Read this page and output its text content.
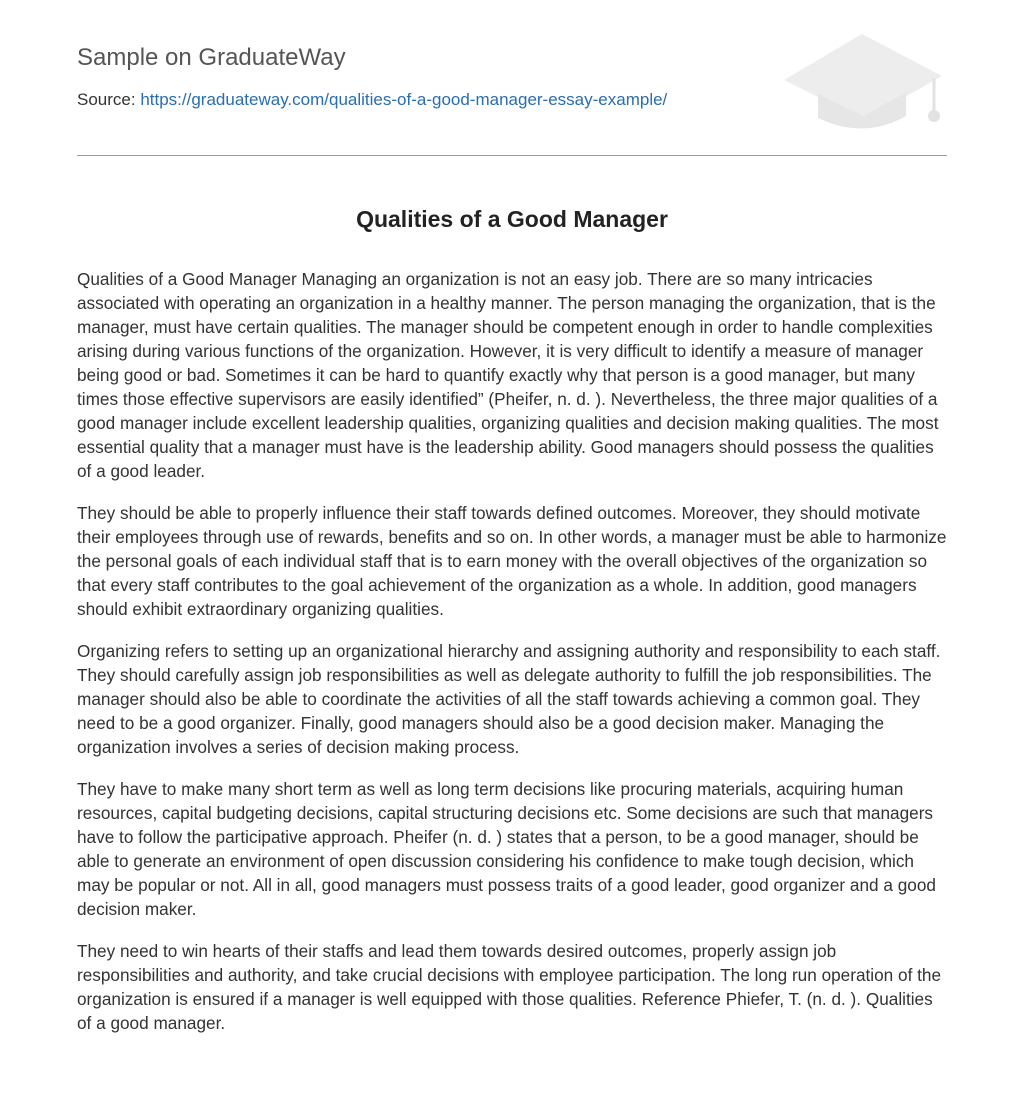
Sample on GraduateWay
Source: https://graduateway.com/qualities-of-a-good-manager-essay-example/
Qualities of a Good Manager

Qualities of a Good Manager Managing an organization is not an easy job. There are so many intricacies associated with operating an organization in a healthy manner. The person managing the organization, that is the manager, must have certain qualities. The manager should be competent enough in order to handle complexities arising during various functions of the organization. However, it is very difficult to identify a measure of manager being good or bad. Sometimes it can be hard to quantify exactly why that person is a good manager, but many times those effective supervisors are easily identified” (Pheifer, n. d. ). Nevertheless, the three major qualities of a good manager include excellent leadership qualities, organizing qualities and decision making qualities. The most essential quality that a manager must have is the leadership ability. Good managers should possess the qualities of a good leader.

They should be able to properly influence their staff towards defined outcomes. Moreover, they should motivate their employees through use of rewards, benefits and so on. In other words, a manager must be able to harmonize the personal goals of each individual staff that is to earn money with the overall objectives of the organization so that every staff contributes to the goal achievement of the organization as a whole. In addition, good managers should exhibit extraordinary organizing qualities.

Organizing refers to setting up an organizational hierarchy and assigning authority and responsibility to each staff. They should carefully assign job responsibilities as well as delegate authority to fulfill the job responsibilities. The manager should also be able to coordinate the activities of all the staff towards achieving a common goal. They need to be a good organizer. Finally, good managers should also be a good decision maker. Managing the organization involves a series of decision making process.

They have to make many short term as well as long term decisions like procuring materials, acquiring human resources, capital budgeting decisions, capital structuring decisions etc. Some decisions are such that managers have to follow the participative approach. Pheifer (n. d. ) states that a person, to be a good manager, should be able to generate an environment of open discussion considering his confidence to make tough decision, which may be popular or not. All in all, good managers must possess traits of a good leader, good organizer and a good decision maker.

They need to win hearts of their staffs and lead them towards desired outcomes, properly assign job responsibilities and authority, and take crucial decisions with employee participation. The long run operation of the organization is ensured if a manager is well equipped with those qualities. Reference Phiefer, T. (n. d. ). Qualities of a good manager.
